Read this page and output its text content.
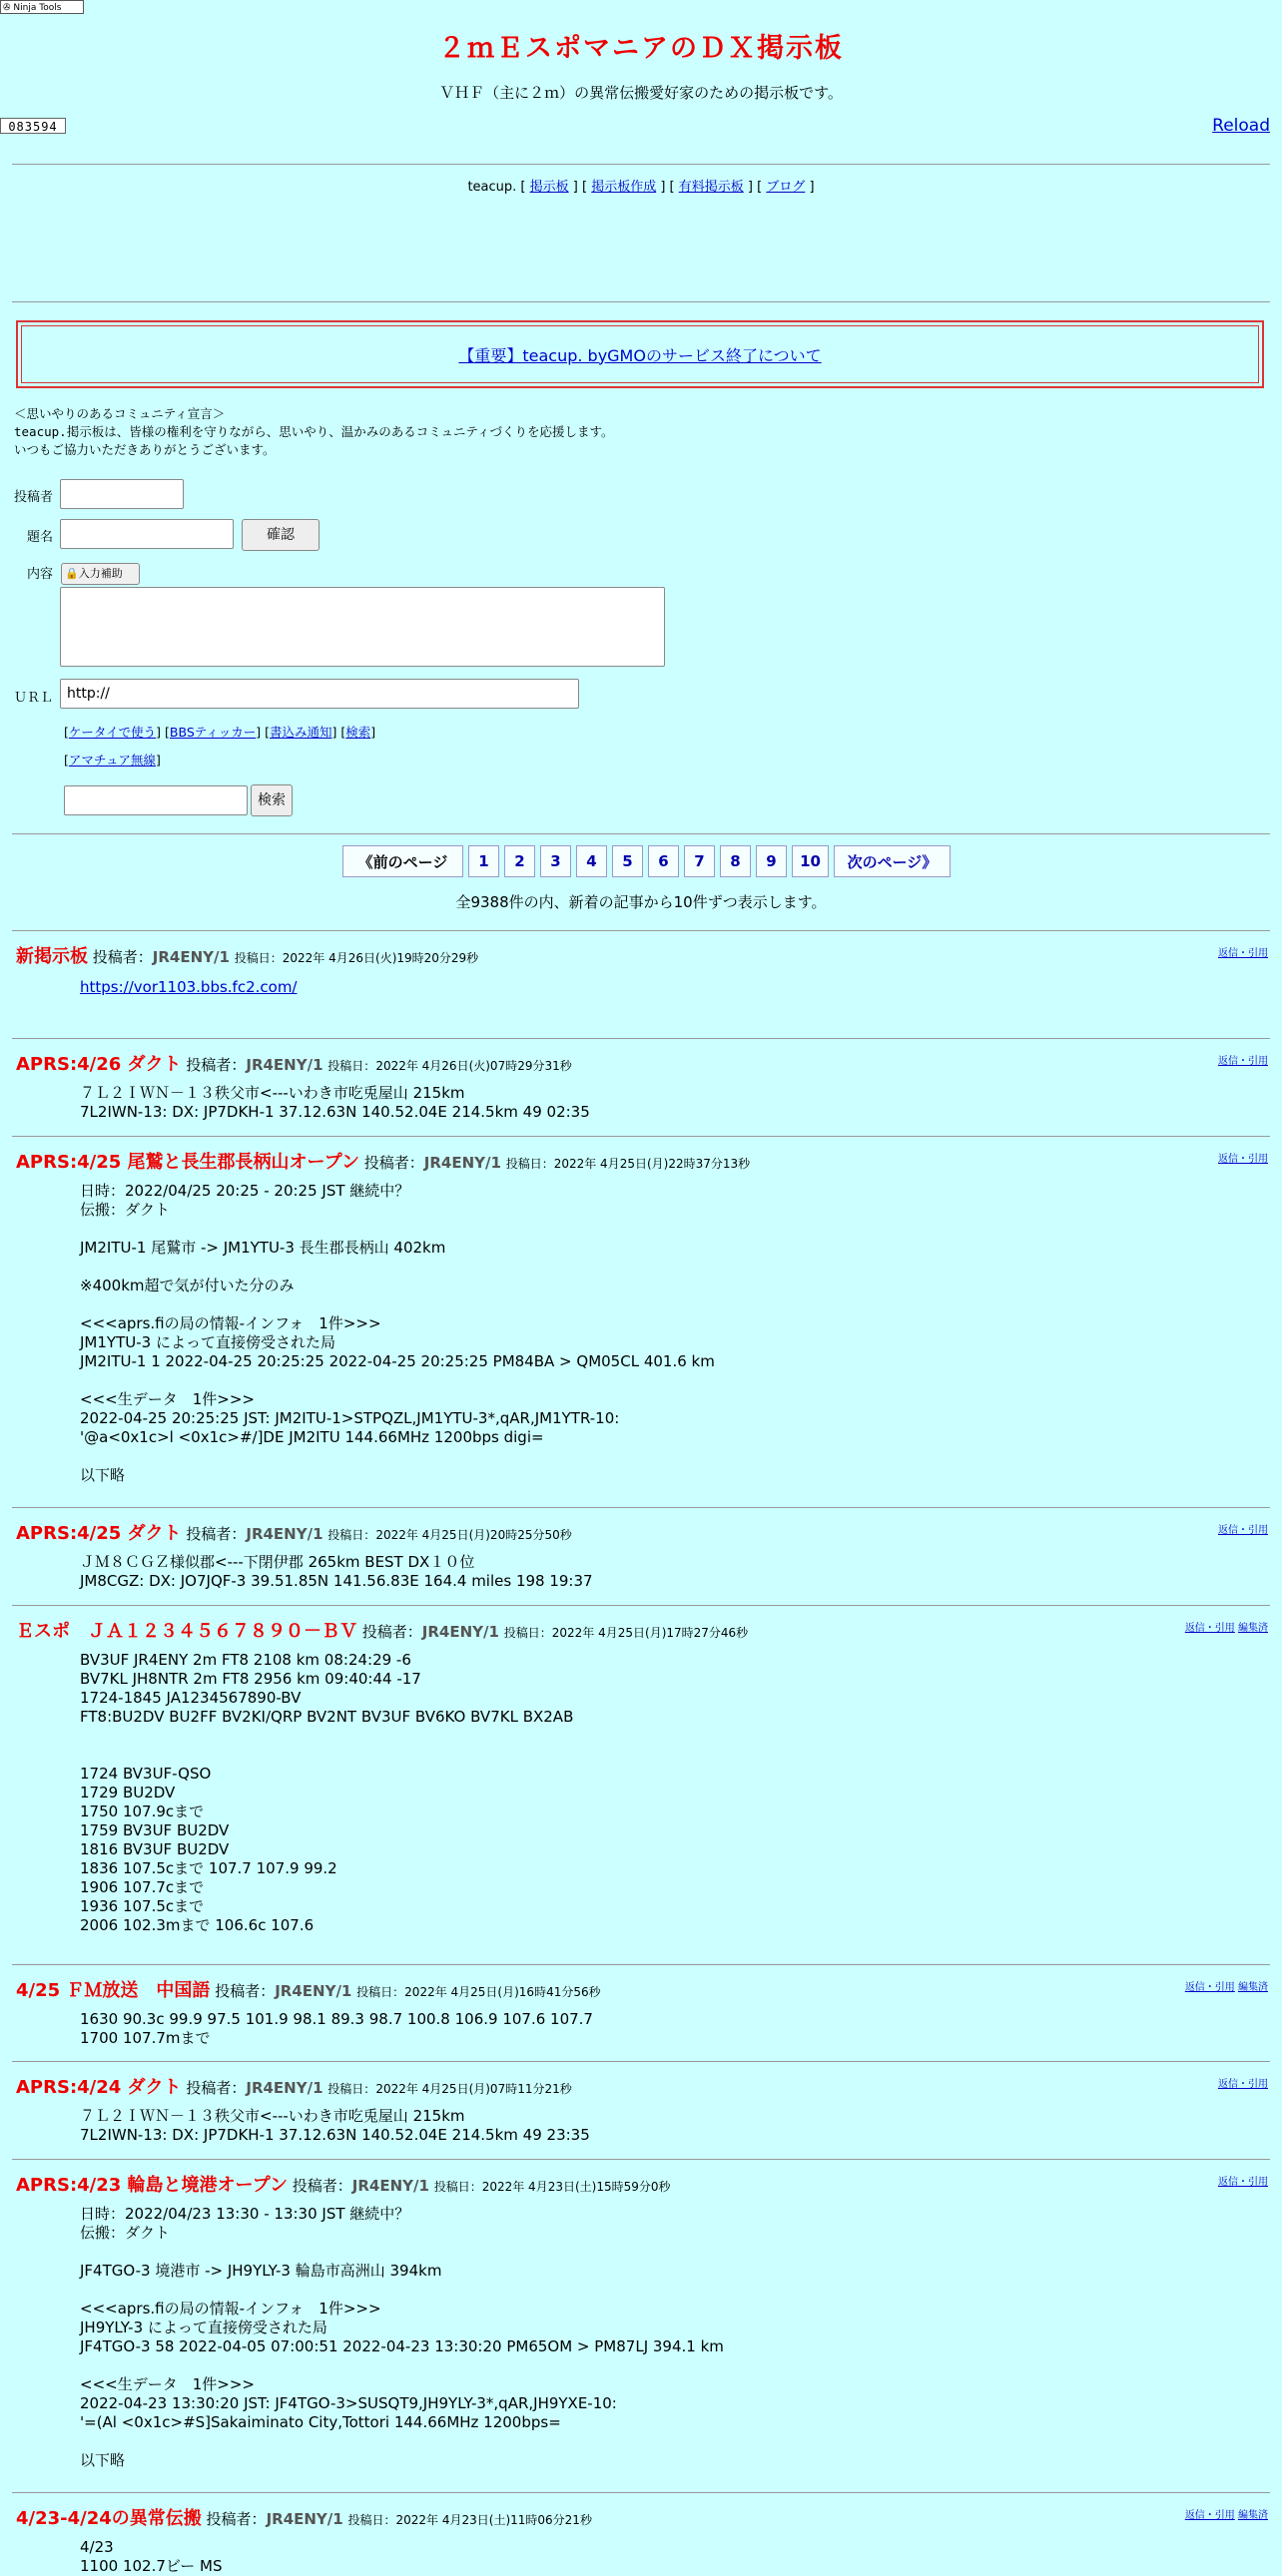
✇ Ninja Tools
２ｍＥスポマニアのＤＸ掲示板
ＶＨＦ（主に２ｍ）の異常伝搬愛好家のための掲示板です。
083594	Reload
teacup. [ 掲示板 ] [ 掲示板作成 ] [ 有料掲示板 ] [ ブログ ]
【重要】teacup. byGMOのサービス終了について
＜思いやりのあるコミュニティ宣言＞
teacup.掲示板は、皆様の権利を守りながら、思いやり、温かみのあるコミュニティづくりを応援します。
いつもご協力いただきありがとうございます。
投稿者
題名	確認
内容	🔒入力補助
ＵＲＬ
http://
[ケータイで使う] [BBSティッカー] [書込み通知] [検索]
[アマチュア無線]
検索
《前のページ	1	2	3	4	5	6	7	8	9	10	次のページ》
全9388件の内、新着の記事から10件ずつ表示します。
新掲示板 投稿者：JR4ENY/1 投稿日：2022年 4月26日(火)19時20分29秒	返信・引用
https://vor1103.bbs.fc2.com/
APRS:4/26 ダクト 投稿者：JR4ENY/1 投稿日：2022年 4月26日(火)07時29分31秒	返信・引用
７Ｌ２ＩＷＮ－１３秩父市<---いわき市吃兎屋山 215km
7L2IWN-13: DX: JP7DKH-1 37.12.63N 140.52.04E 214.5km 49 02:35
APRS:4/25 尾鷲と長生郡長柄山オープン 投稿者：JR4ENY/1 投稿日：2022年 4月25日(月)22時37分13秒	返信・引用
日時：2022/04/25 20:25 - 20:25 JST 継続中？
伝搬：ダクト

JM2ITU-1 尾鷲市 -> JM1YTU-3 長生郡長柄山 402km

※400km超で気が付いた分のみ

<<<aprs.fiの局の情報-インフォ　1件>>>
JM1YTU-3 によって直接傍受された局
JM2ITU-1 1 2022-04-25 20:25:25 2022-04-25 20:25:25 PM84BA > QM05CL 401.6 km

<<<生データ　1件>>>
2022-04-25 20:25:25 JST: JM2ITU-1>STPQZL,JM1YTU-3*,qAR,JM1YTR-10:
'@a<0x1c>l <0x1c>#/]DE JM2ITU 144.66MHz 1200bps digi=

以下略
APRS:4/25 ダクト 投稿者：JR4ENY/1 投稿日：2022年 4月25日(月)20時25分50秒	返信・引用
ＪＭ８ＣＧＺ様似郡<---下閉伊郡 265km BEST DX１０位
JM8CGZ: DX: JO7JQF-3 39.51.85N 141.56.83E 164.4 miles 198 19:37
Ｅスポ　ＪＡ１２３４５６７８９０－ＢＶ 投稿者：JR4ENY/1 投稿日：2022年 4月25日(月)17時27分46秒	返信・引用 編集済
BV3UF JR4ENY 2m FT8 2108 km 08:24:29 -6
BV7KL JH8NTR 2m FT8 2956 km 09:40:44 -17
1724-1845 JA1234567890-BV
FT8:BU2DV BU2FF BV2KI/QRP BV2NT BV3UF BV6KO BV7KL BX2AB

1724 BV3UF-QSO
1729 BU2DV
1750 107.9cまで
1759 BV3UF BU2DV
1816 BV3UF BU2DV
1836 107.5cまで 107.7 107.9 99.2
1906 107.7cまで
1936 107.5cまで
2006 102.3mまで 106.6c 107.6
4/25 ＦＭ放送　中国語 投稿者：JR4ENY/1 投稿日：2022年 4月25日(月)16時41分56秒	返信・引用 編集済
1630 90.3c 99.9 97.5 101.9 98.1 89.3 98.7 100.8 106.9 107.6 107.7
1700 107.7mまで
APRS:4/24 ダクト 投稿者：JR4ENY/1 投稿日：2022年 4月25日(月)07時11分21秒	返信・引用
７Ｌ２ＩＷＮ－１３秩父市<---いわき市吃兎屋山 215km
7L2IWN-13: DX: JP7DKH-1 37.12.63N 140.52.04E 214.5km 49 23:35
APRS:4/23 輪島と境港オープン 投稿者：JR4ENY/1 投稿日：2022年 4月23日(土)15時59分0秒	返信・引用
日時：2022/04/23 13:30 - 13:30 JST 継続中？
伝搬：ダクト

JF4TGO-3 境港市 -> JH9YLY-3 輪島市高洲山 394km

<<<aprs.fiの局の情報-インフォ　1件>>>
JH9YLY-3 によって直接傍受された局
JF4TGO-3 58 2022-04-05 07:00:51 2022-04-23 13:30:20 PM65OM > PM87LJ 394.1 km

<<<生データ　1件>>>
2022-04-23 13:30:20 JST: JF4TGO-3>SUSQT9,JH9YLY-3*,qAR,JH9YXE-10:
'=(Al <0x1c>#S]Sakaiminato City,Tottori 144.66MHz 1200bps=

以下略
4/23-4/24の異常伝搬 投稿者：JR4ENY/1 投稿日：2022年 4月23日(土)11時06分21秒	返信・引用 編集済
4/23
1100 102.7ビー MS
